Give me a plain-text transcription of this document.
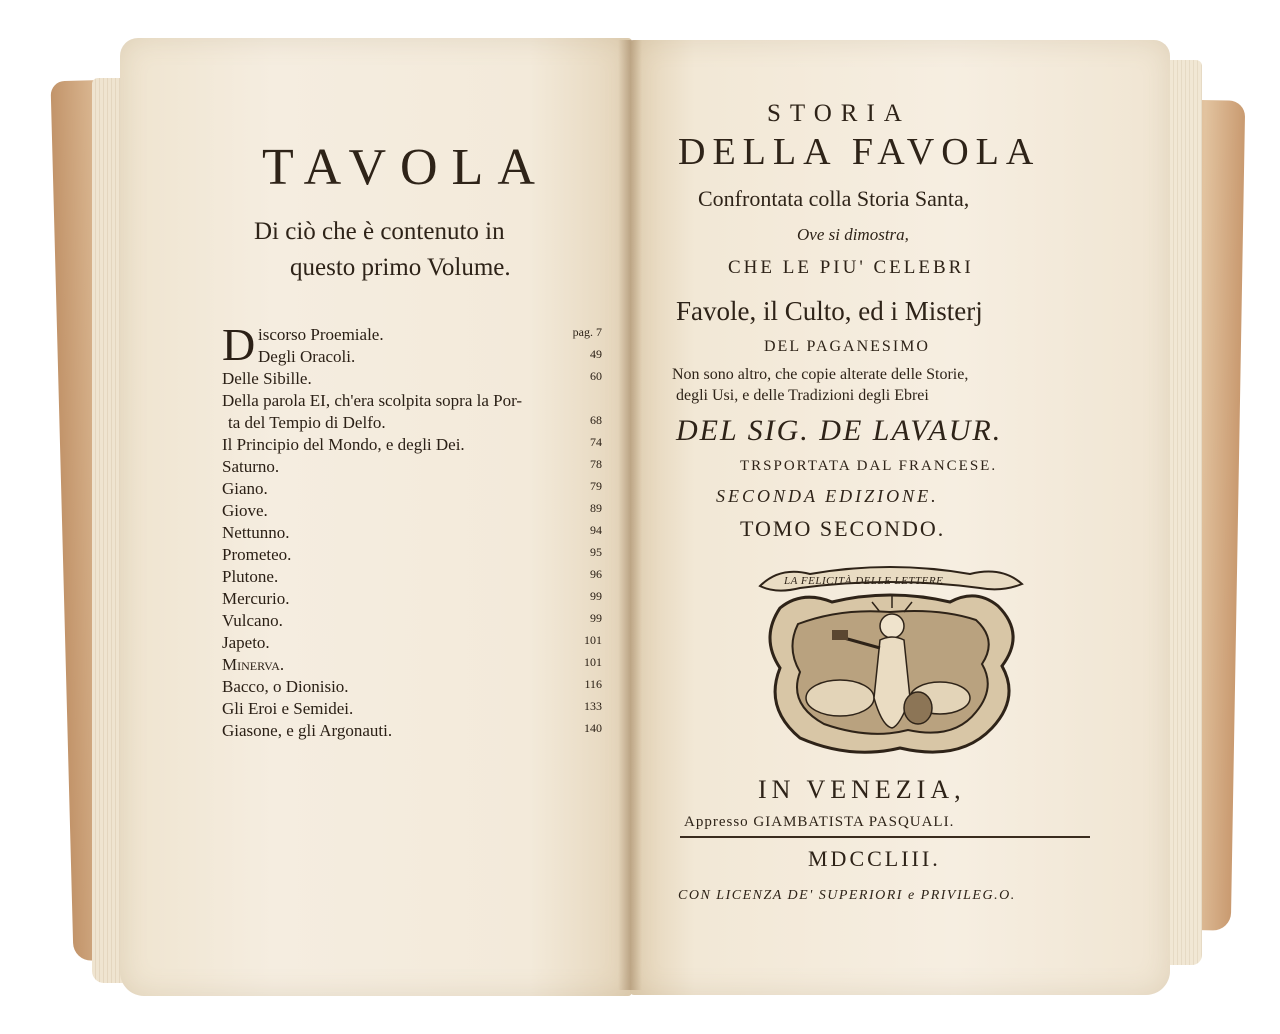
TAVOLA
Di ciò che è contenuto in
questo primo Volume.
D iscorso Proemiale.	pag. 7
Degli Oracoli.	49
Delle Sibille.	60
Della parola EI, ch'era scolpita sopra la Por-
ta del Tempio di Delfo.	68
Il Principio del Mondo, e degli Dei.	74
Saturno.	78
Giano.	79
Giove.	89
Nettunno.	94
Prometeo.	95
Plutone.	96
Mercurio.	99
Vulcano.	99
Japeto.	101
Minerva.	101
Bacco, o Dionisio.	116
Gli Eroi e Semidei.	133
Giasone, e gli Argonauti.	140
STORIA
DELLA FAVOLA
Confrontata colla Storia Santa,
Ove si dimostra,
CHE LE PIU' CELEBRI
Favole, il Culto, ed i Misterj
DEL PAGANESIMO
Non sono altro, che copie alterate delle Storie,
degli Usi, e delle Tradizioni degli Ebrei
DEL SIG. DE LAVAUR.
TRSPORTATA DAL FRANCESE.
SECONDA EDIZIONE.
TOMO SECONDO.
LA FELICITÀ DELLE LETTERE
IN VENEZIA,
Appresso GIAMBATISTA PASQUALI.
MDCCLIII.
CON LICENZA DE' SUPERIORI e PRIVILEG.O.
